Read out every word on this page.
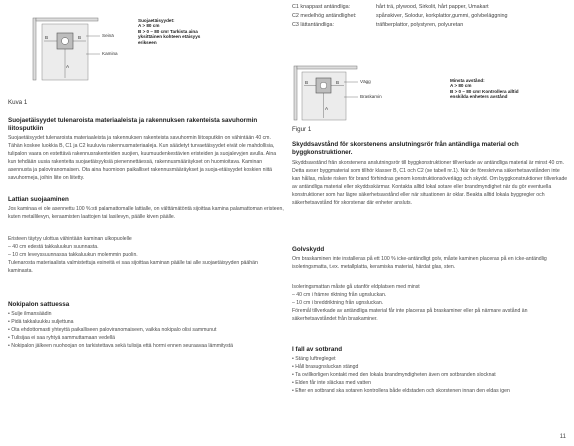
B	B
A
Seinä
Kamina
Suojaetäisyydet:
A > 80 cm
B > 0 – 80 cm! Tarkista aina
yksittäinen kohteen etäisyys
erikseen
Kuva 1
Suojaetäisyydet tulenaroista materiaaleista ja rakennuksen rakenteista savuhormin liitosputkiin
Suojaetäisyydet tulenaroista materiaaleista ja rakennuksen rakenteista savuhormin liitosputkiin on vähintään 40 cm. Tähän koskee luokkia B, C1 ja C2 kuuluvia rakennusmateriaaleja. Kun säädetyt turvaetäisyydet eivät ole mahdollisia, tulipalon vaara on estettävä rakennusrakenteiden suojien, kuumuudenkestävien eristeiden ja suojalevyjen avulla. Aina kun tehdään uusia rakenteita suojaetäisyyksiä pienennettäessä, rakennusmääräykset on huomioitava. Kaminan asennusta ja paloviranomaisen. Ota aina huomioon paikalliset rakennusmääräykset ja suoja-etäisyydet koskien niitä savuhormeja, joihin liite on liitetty.
Lattian suojaaminen
Jos kaminaa ei ole asennettu 100 %:sti palamattomalle lattialle, on välttämätöntä sijoittaa kamina palamattoman eristeen, kuten metallilevyn, keraamisten laattojen tai lasilevyn, päälle kiven päälle.
Eristeen täytyy ulottua vähintään kaminan ulkopuolelle
– 40 cm edestä takkaluukun suunnasta.
– 10 cm leveyssuunnassa takkaluukun molemmin puolin.
Tulenarosta materiaalista valmistettuja esineitä ei saa sijoittaa kaminan päälle tai alle suojaetäisyyden päähän kaminasta.
Nokipalon sattuessa
• Sulje ilmansäädin
• Pidä takkaluukku suljettuna
• Ota ehdottomasti yhteyttä paikalliseen paloviranomaiseen, vaikka nokipalo olisi sammunut
• Tulisijaa ei saa ryhtyä sammuttamaan vedellä
• Nokipalon jälkeen nuohoojan on tarkistettava sekä tulisija että hormi ennen seuraavaa lämmitystä
C1 knappast antändliga:	hårt trä, plywood, Sirkolit, hårt papper, Umakart
C2 medelhög antändlighet:	spånskiver, Solodur, korkplattor,gummi, golvbeläggning
C3 lättantändliga:	träfiberplattor, polystyren, polyuretan
B	B
A
Vägg
Braskamin
Minsta avstånd:
A > 80 cm
B > 0 – 80 cm! Kontrollera alltid
enskilda enheters avstånd
Figur 1
Skyddsavstånd för skorstenens anslutningsrör från antändliga material och byggkonstruktioner.
Skyddsavstånd från skorstenens anslutningsrör till byggkonstruktioner tillverkade av antändliga material är minst 40 cm. Detta avser byggmaterial som tillhör klasser B, C1 och C2 (se tabell nr.1). När de föreskrivna säkerhetsavstånden inte kan hållas, måste risken för brand förhindras genom konstruktionsöverlägg och skydd. Om byggkonstruktioner tillverkade av antändliga material eller skyddsskärmar. Kontakta alltid lokal sotare eller brandmyndighet när du gör eventuella konstruktioner som har lägre säkerhetsavstånd eller när situationen är oklar. Beakta alltid lokala byggregler och säkerhetsavstånd för skorstenar där enheter ansluts.
Golvskydd
Om braskaminen inte installeras på ett 100 % icke-antändligt golv, måste kaminen placeras på en icke-antändlig isoleringsmatta, t.ex. metallplatta, keramiska material, härdat glas, sten.
Isoleringsmattan måste gå utanför eldplatsen med minst
– 40 cm i främre riktning från ugnsluckan.
– 10 cm i breddriktning från ugnsluckan.
Föremål tillverkade av antändliga material får inte placeras på braskaminer eller på närmare avstånd än säkerhetsavståndet från braskaminer.
I fall av sotbrand
• Stäng luftregleget
• Håll brasugnsluckan stängd
• Ta ovillkorligen kontakt med den lokala brandmyndigheten även om sotbranden slocknat
• Elden får inte släckas med vatten
• Efter en sotbrand ska sotaren kontrollera både eldstaden och skorstenen innan den eldas igen
11
